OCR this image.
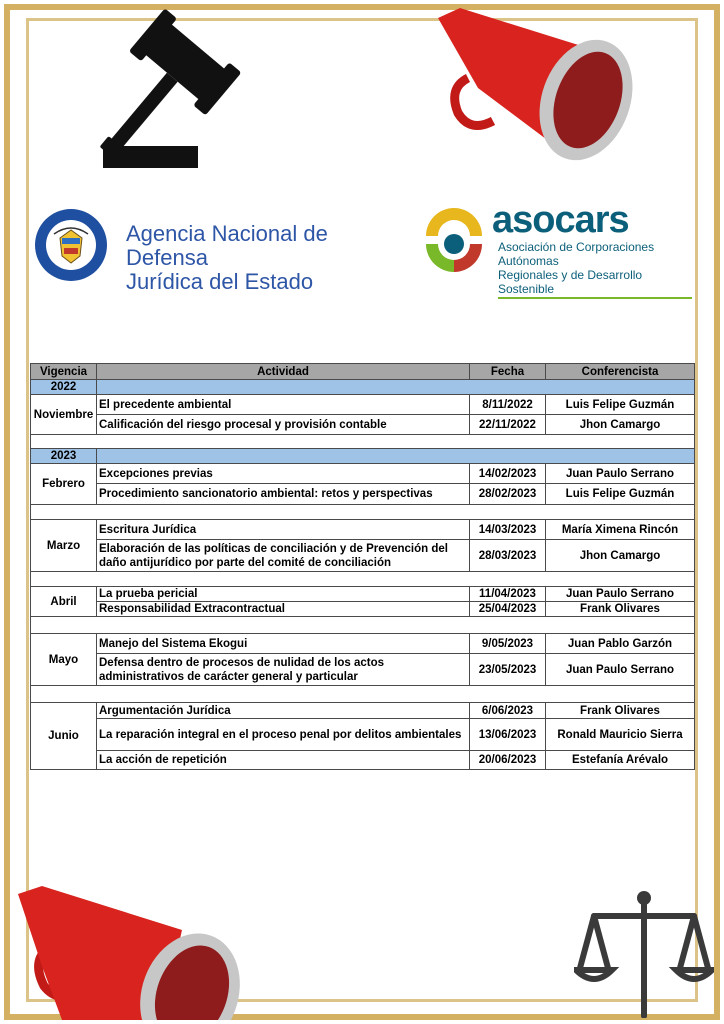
Agencia Nacional de Defensa
Jurídica del Estado
asocars
Asociación de Corporaciones Autónomas
Regionales y de Desarrollo Sostenible
Vigencia	Actividad	Fecha	Conferencista
2022			
Noviembre	El precedente ambiental	8/11/2022	Luis Felipe Guzmán
	Calificación del riesgo procesal y provisión contable	22/11/2022	Jhon Camargo

2023			
Febrero	Excepciones previas	14/02/2023	Juan Paulo Serrano
	Procedimiento sancionatorio ambiental: retos y perspectivas	28/02/2023	Luis Felipe Guzmán

Marzo	Escritura Jurídica	14/03/2023	María Ximena Rincón
	Elaboración de las políticas de conciliación y de Prevención del daño antijurídico por parte del comité de conciliación	28/03/2023	Jhon Camargo

Abril	La prueba pericial	11/04/2023	Juan Paulo Serrano
	Responsabilidad Extracontractual	25/04/2023	Frank Olivares

Mayo	Manejo del Sistema Ekogui	9/05/2023	Juan Pablo Garzón
	Defensa dentro de procesos de nulidad de los actos administrativos de carácter general y particular	23/05/2023	Juan Paulo Serrano

Junio	Argumentación Jurídica	6/06/2023	Frank Olivares
	La reparación integral en el proceso penal por delitos ambientales	13/06/2023	Ronald Mauricio Sierra
	La acción de repetición	20/06/2023	Estefanía Arévalo
